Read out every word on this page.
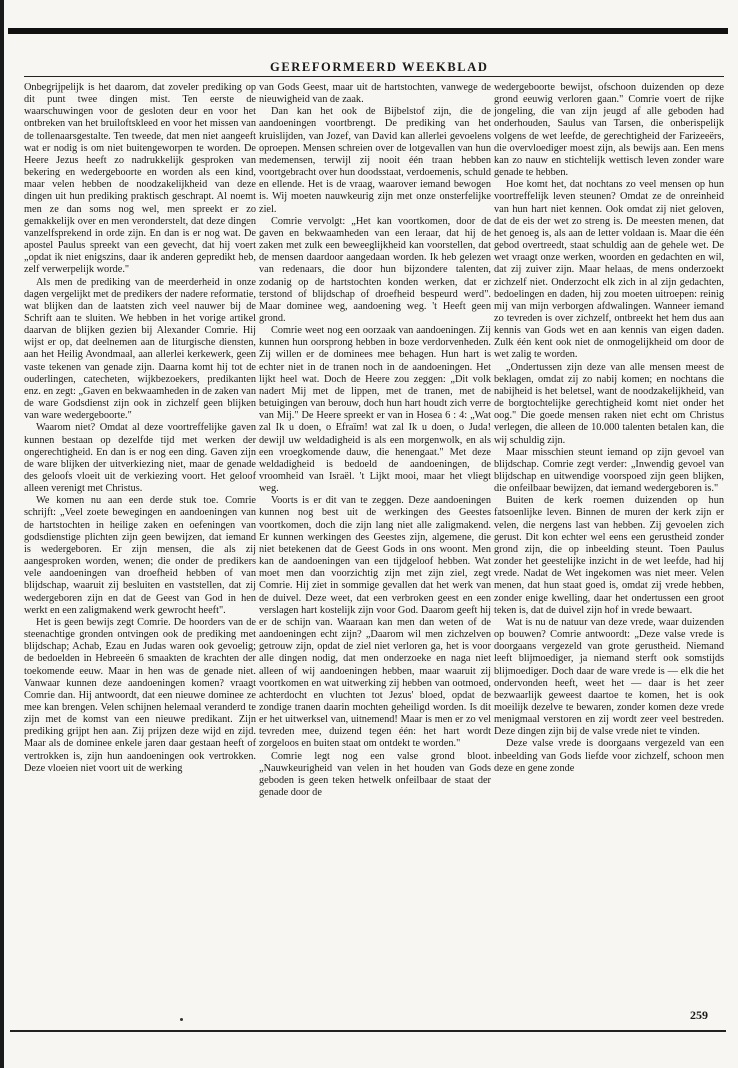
GEREFORMEERD WEEKBLAD

Onbegrijpelijk is het daarom, dat zoveler prediking op dit punt twee dingen mist. Ten eerste de waarschuwingen voor de gesloten deur en voor het ontbreken van het bruiloftskleed en voor het missen van de tollenaarsgestalte. Ten tweede, dat men niet aangeeft wat er nodig is om niet buitengeworpen te worden. De Heere Jezus heeft zo nadrukkelijk gesproken van bekering en wedergeboorte en worden als een kind, maar velen hebben de noodzakelijkheid van deze dingen uit hun prediking praktisch geschrapt. Al noemt men ze dan soms nog wel, men spreekt er zo gemakkelijk over en men veronderstelt, dat deze dingen vanzelfsprekend in orde zijn. En dan is er nog wat. De apostel Paulus spreekt van een gevecht, dat hij voert „opdat ik niet enigszins, daar ik anderen gepredikt heb, zelf verwerpelijk worde."

Als men de prediking van de meerderheid in onze dagen vergelijkt met de predikers der nadere reformatie, wat blijken dan de laatsten zich veel nauwer bij de Schrift aan te sluiten. We hebben in het vorige artikel daarvan de blijken gezien bij Alexander Comrie. Hij wijst er op, dat deelnemen aan de liturgische diensten, aan het Heilig Avondmaal, aan allerlei kerkewerk, geen vaste tekenen van genade zijn. Daarna komt hij tot de ouderlingen, catecheten, wijkbezoekers, predikanten enz. en zegt: „Gaven en bekwaamheden in de zaken van de ware Godsdienst zijn ook in zichzelf geen blijken van ware wedergeboorte."

Waarom niet? Omdat al deze voortreffelijke gaven kunnen bestaan op dezelfde tijd met werken der ongerechtigheid. En dan is er nog een ding. Gaven zijn de ware blijken der uitverkiezing niet, maar de genade des geloofs vloeit uit de verkiezing voort. Het geloof alleen verenigt met Christus.

We komen nu aan een derde stuk toe. Comrie schrijft: „Veel zoete bewegingen en aandoeningen van de hartstochten in heilige zaken en oefeningen van godsdienstige plichten zijn geen bewijzen, dat iemand is wedergeboren. Er zijn mensen, die als zij aangesproken worden, wenen; die onder de predikers vele aandoeningen van droefheid hebben of van blijdschap, waaruit zij besluiten en vaststellen, dat zij wedergeboren zijn en dat de Geest van God in hen werkt en een zaligmakend werk gewrocht heeft".

Het is geen bewijs zegt Comrie. De hoorders van de steenachtige gronden ontvingen ook de prediking met blijdschap; Achab, Ezau en Judas waren ook gevoelig; de bedoelden in Hebreeën 6 smaakten de krachten der toekomende eeuw. Maar in hen was de genade niet. Vanwaar kunnen deze aandoeningen komen? vraagt Comrie dan. Hij antwoordt, dat een nieuwe dominee ze mee kan brengen. Velen schijnen helemaal veranderd te zijn met de komst van een nieuwe predikant. Zijn prediking grijpt hen aan. Zij prijzen deze wijd en zijd. Maar als de dominee enkele jaren daar gestaan heeft of vertrokken is, zijn hun aandoeningen ook vertrokken. Deze vloeien niet voort uit de werking

van Gods Geest, maar uit de hartstochten, vanwege de nieuwigheid van de zaak.

Dan kan het ook de Bijbelstof zijn, die de aandoeningen voortbrengt. De prediking van het kruislijden, van Jozef, van David kan allerlei gevoelens oproepen. Mensen schreien over de lotgevallen van hun medemensen, terwijl zij nooit één traan hebben voortgebracht over hun doodsstaat, verdoemenis, schuld en ellende. Het is de vraag, waarover iemand bewogen is. Wij moeten nauwkeurig zijn met onze onsterfelijke ziel.

Comrie vervolgt: „Het kan voortkomen, door de gaven en bekwaamheden van een leraar, dat hij de zaken met zulk een beweeglijkheid kan voorstellen, dat de mensen daardoor aangedaan worden. Ik heb gelezen van redenaars, die door hun bijzondere talenten, zodanig op de hartstochten konden werken, dat er terstond of blijdschap of droefheid bespeurd werd". Maar dominee weg, aandoening weg. 't Heeft geen grond.

Comrie weet nog een oorzaak van aandoeningen. Zij kunnen hun oorsprong hebben in boze verdorvenheden. Zij willen er de dominees mee behagen. Hun hart is echter niet in de tranen noch in de aandoeningen. Het lijkt heel wat. Doch de Heere zou zeggen: „Dit volk nadert Mij met de lippen, met de tranen, met de betuigingen van berouw, doch hun hart houdt zich verre van Mij." De Heere spreekt er van in Hosea 6 : 4: „Wat zal Ik u doen, o Efraïm! wat zal Ik u doen, o Juda! dewijl uw weldadigheid is als een morgenwolk, en als een vroegkomende dauw, die henengaat." Met deze weldadigheid is bedoeld de aandoeningen, de vroomheid van Israël. 't Lijkt mooi, maar het vliegt weg.

Voorts is er dit van te zeggen. Deze aandoeningen kunnen nog best uit de werkingen des Geestes voortkomen, doch die zijn lang niet alle zaligmakend. Er kunnen werkingen des Geestes zijn, algemene, die niet betekenen dat de Geest Gods in ons woont. Men kan de aandoeningen van een tijdgeloof hebben. Wat moet men dan voorzichtig zijn met zijn ziel, zegt Comrie. Hij ziet in sommige gevallen dat het werk van de duivel. Deze weet, dat een verbroken geest en een verslagen hart kostelijk zijn voor God. Daarom geeft hij er de schijn van. Waaraan kan men dan weten of de aandoeningen echt zijn? „Daarom wil men zichzelven getrouw zijn, opdat de ziel niet verloren ga, het is voor alle dingen nodig, dat men onderzoeke en naga niet alleen of wij aandoeningen hebben, maar waaruit zij voortkomen en wat uitwerking zij hebben van ootmoed, achterdocht en vluchten tot Jezus' bloed, opdat de zondige tranen daarin mochten geheiligd worden. Is dit er het uitwerksel van, uitnemend! Maar is men er zo vel tevreden mee, duizend tegen één: het hart wordt zorgeloos en buiten staat om ontdekt te worden."

Comrie legt nog een valse grond bloot. „Nauwkeurigheid van velen in het houden van Gods geboden is geen teken hetwelk onfeilbaar de staat der genade door de

wedergeboorte bewijst, ofschoon duizenden op deze grond eeuwig verloren gaan." Comrie voert de rijke jongeling, die van zijn jeugd af alle geboden had onderhouden, Saulus van Tarsen, die onberispelijk volgens de wet leefde, de gerechtigheid der Farizeeërs, die overvloediger moest zijn, als bewijs aan. Een mens kan zo nauw en stichtelijk wettisch leven zonder ware genade te hebben.

Hoe komt het, dat nochtans zo veel mensen op hun voortreffelijk leven steunen? Omdat ze de onreinheid van hun hart niet kennen. Ook omdat zij niet geloven, dat de eis der wet zo streng is. De meesten menen, dat het genoeg is, als aan de letter voldaan is. Maar die één gebod overtreedt, staat schuldig aan de gehele wet. De wet vraagt onze werken, woorden en gedachten en wil, dat zij zuiver zijn. Maar helaas, de mens onderzoekt zichzelf niet. Onderzocht elk zich in al zijn gedachten, bedoelingen en daden, hij zou moeten uitroepen: reinig mij van mijn verborgen afdwalingen. Wanneer iemand zo tevreden is over zichzelf, ontbreekt het hem dus aan kennis van Gods wet en aan kennis van eigen daden. Zulk één kent ook niet de onmogelijkheid om door de wet zalig te worden.

„Ondertussen zijn deze van alle mensen meest de beklagen, omdat zij zo nabij komen; en nochtans die nabijheid is het beletsel, want de noodzakelijkheid, van de borgtochtelijke gerechtigheid komt niet onder het oog." Die goede mensen raken niet echt om Christus verlegen, die alleen de 10.000 talenten betalen kan, die wij schuldig zijn.

Maar misschien steunt iemand op zijn gevoel van blijdschap. Comrie zegt verder: „Inwendig gevoel van blijdschap en uitwendige voorspoed zijn geen blijken, die onfeilbaar bewijzen, dat iemand wedergeboren is."

Buiten de kerk roemen duizenden op hun fatsoenlijke leven. Binnen de muren der kerk zijn er velen, die nergens last van hebben. Zij gevoelen zich gerust. Dit kon echter wel eens een gerustheid zonder grond zijn, die op inbeelding steunt. Toen Paulus zonder het geestelijke inzicht in de wet leefde, had hij vrede. Nadat de Wet ingekomen was niet meer. Velen menen, dat hun staat goed is, omdat zij vrede hebben, zonder enige kwelling, daar het ondertussen een groot teken is, dat de duivel zijn hof in vrede bewaart.

Wat is nu de natuur van deze vrede, waar duizenden op bouwen? Comrie antwoordt: „Deze valse vrede is doorgaans vergezeld van grote gerustheid. Niemand leeft blijmoediger, ja niemand sterft ook somstijds blijmoediger. Doch daar de ware vrede is — elk die het ondervonden heeft, weet het — daar is het zeer bezwaarlijk geweest daartoe te komen, het is ook moeilijk dezelve te bewaren, zonder komen deze vrede menigmaal verstoren en zij wordt zeer veel bestreden. Deze dingen zijn bij de valse vrede niet te vinden.

Deze valse vrede is doorgaans vergezeld van een inbeelding van Gods liefde voor zichzelf, schoon men deze en gene zonde

259
